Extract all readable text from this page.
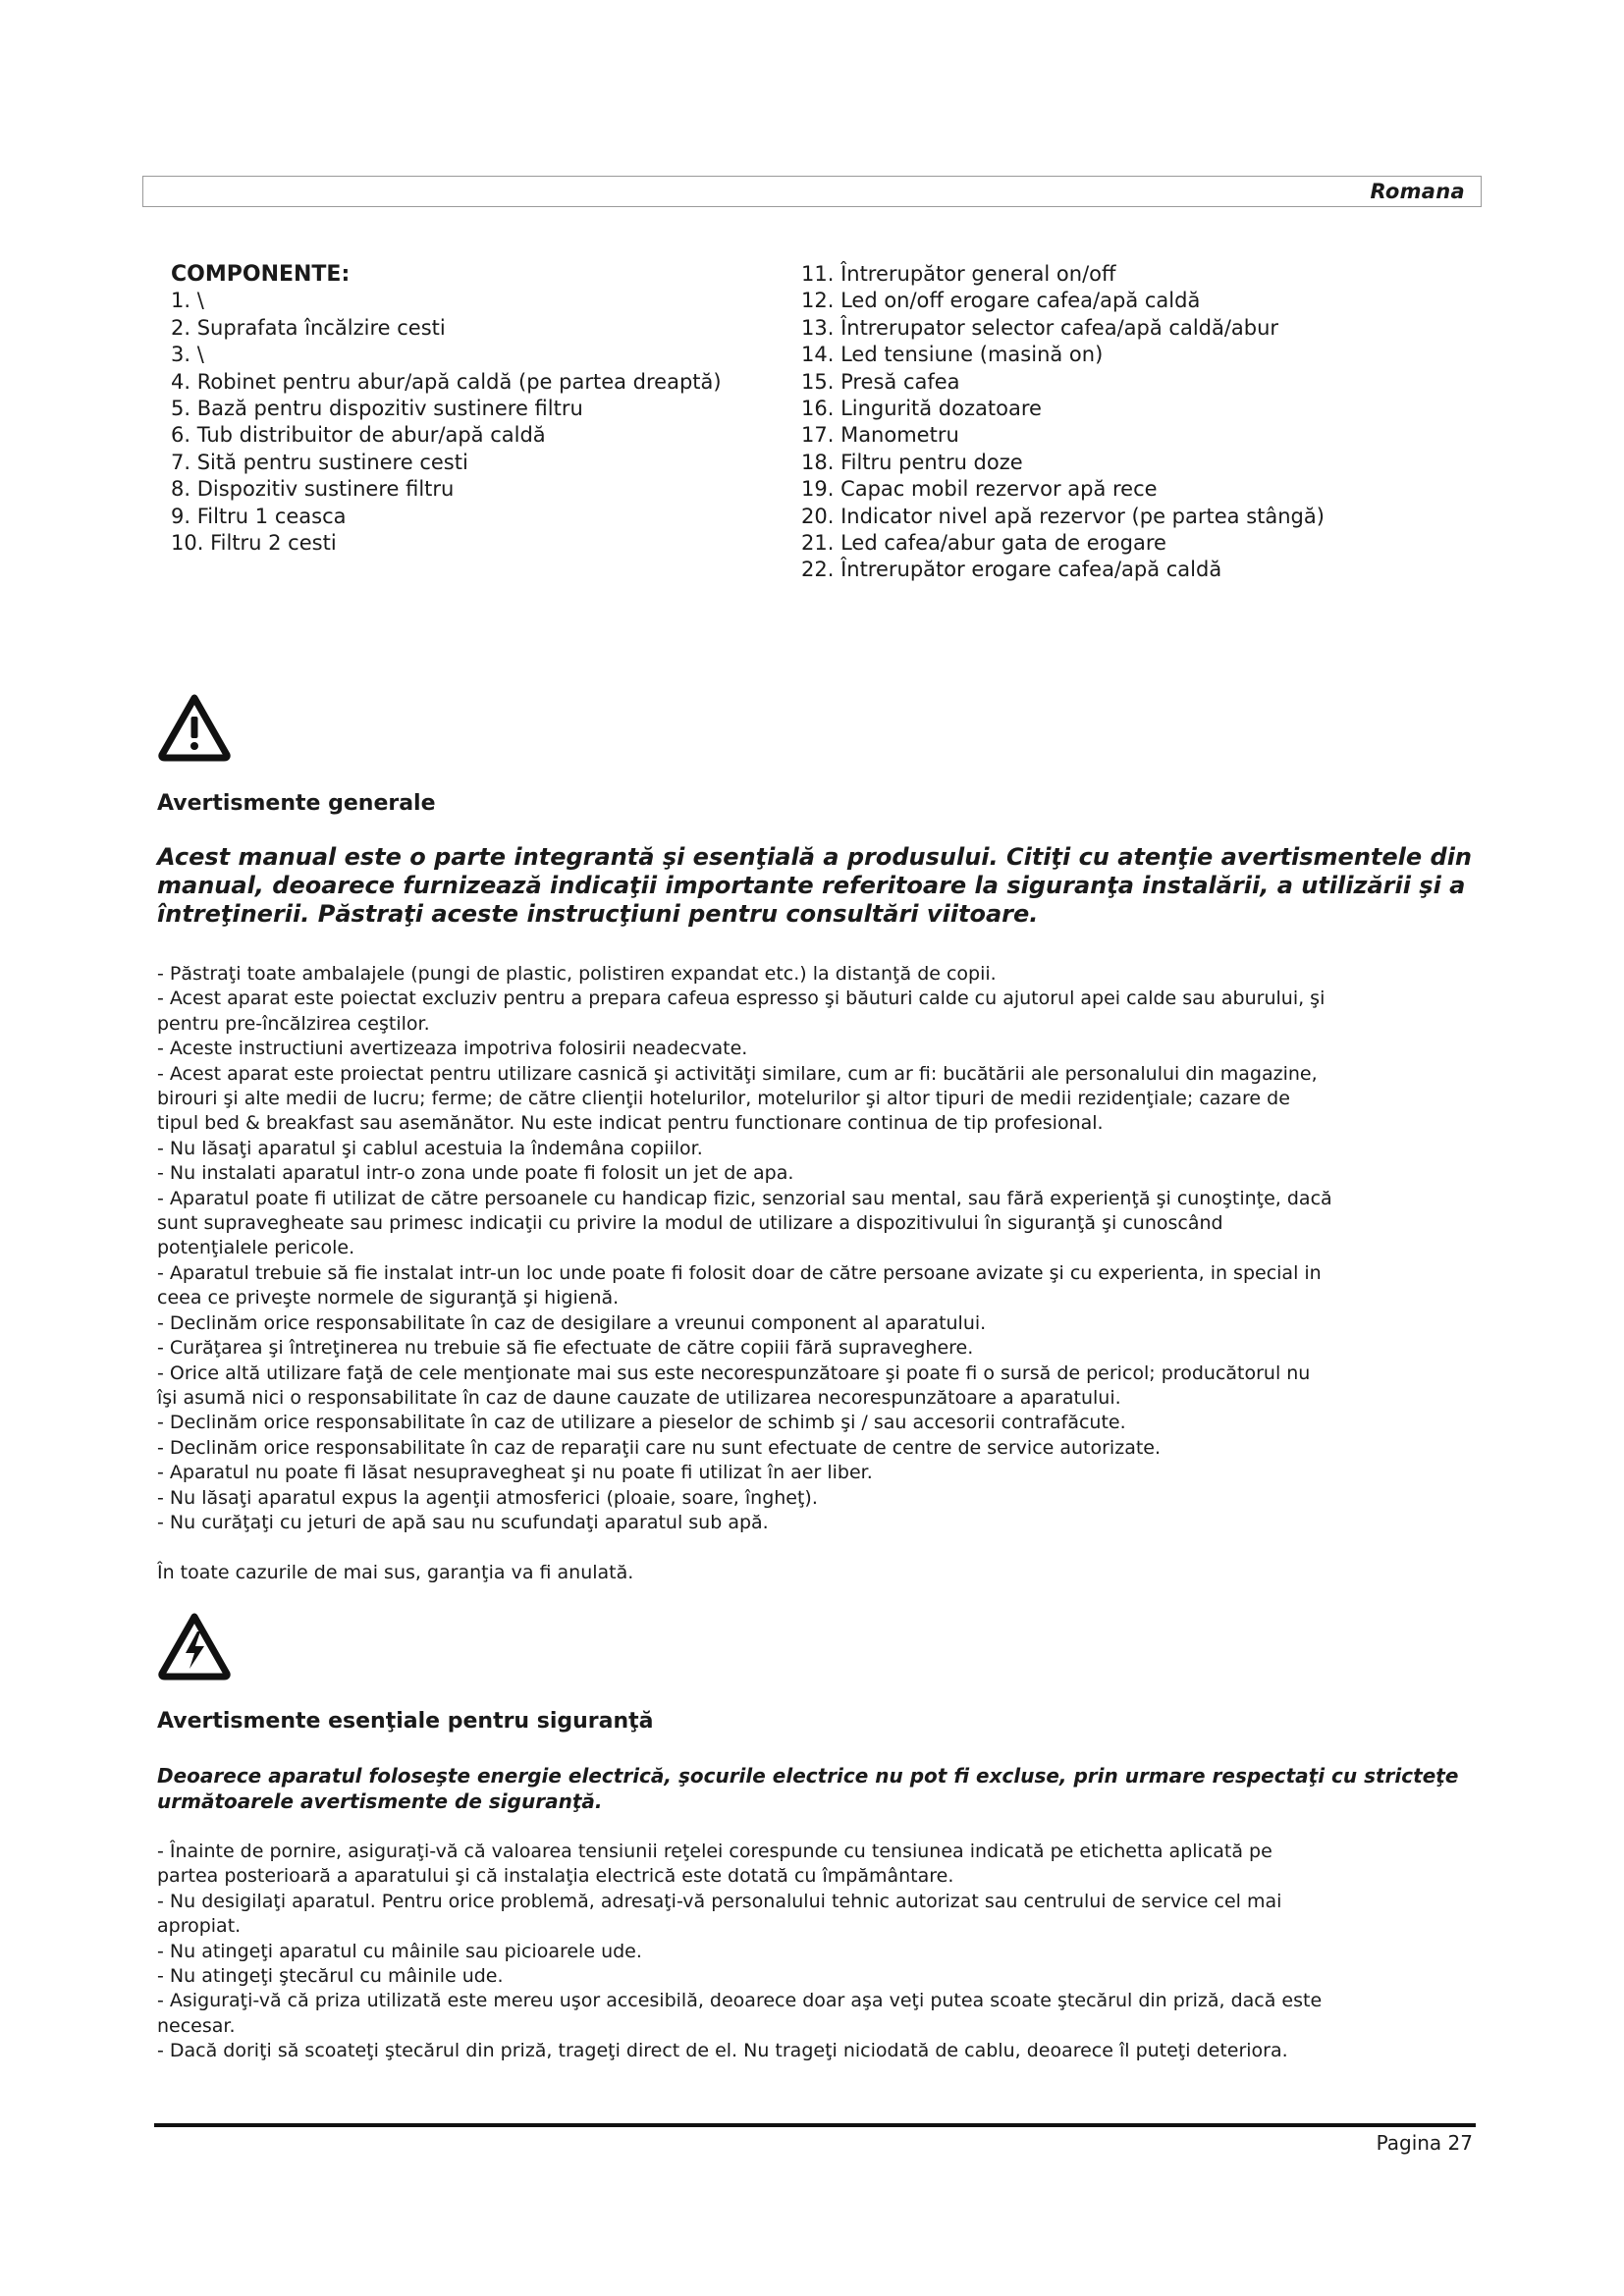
Romana
COMPONENTE:
1. \
2. Suprafata încălzire cesti
3. \
4. Robinet pentru abur/apă caldă (pe partea dreaptă)
5. Bază pentru dispozitiv sustinere filtru
6. Tub distribuitor de abur/apă caldă
7. Sită pentru sustinere cesti
8. Dispozitiv sustinere filtru
9. Filtru 1 ceasca
10. Filtru 2 cesti
11. Întrerupător general on/off
12. Led on/off erogare cafea/apă caldă
13. Întrerupator selector cafea/apă caldă/abur
14. Led tensiune (masină on)
15. Presă cafea
16. Lingurită dozatoare
17. Manometru
18. Filtru pentru doze
19. Capac mobil rezervor apă rece
20. Indicator nivel apă rezervor (pe partea stângă)
21. Led cafea/abur gata de erogare
22. Întrerupător erogare cafea/apă caldă
Avertismente generale

Acest manual este o parte integrantă şi esenţială a produsului. Citiţi cu atenţie avertismentele din manual, deoarece furnizează indicaţii importante referitoare la siguranţa instalării, a utilizării şi a întreţinerii. Păstraţi aceste instrucţiuni pentru consultări viitoare.

- Păstraţi toate ambalajele (pungi de plastic, polistiren expandat etc.) la distanţă de copii.
- Acest aparat este poiectat excluziv pentru a prepara cafeua espresso şi băuturi calde cu ajutorul apei calde sau aburului, şi
pentru pre-încălzirea ceştilor.
- Aceste instructiuni avertizeaza impotriva folosirii neadecvate.
- Acest aparat este proiectat pentru utilizare casnică şi activităţi similare, cum ar fi: bucătării ale personalului din magazine,
birouri şi alte medii de lucru; ferme; de către clienţii hotelurilor, motelurilor şi altor tipuri de medii rezidenţiale; cazare de
tipul bed & breakfast sau asemănător. Nu este indicat pentru functionare continua de tip profesional.
- Nu lăsaţi aparatul şi cablul acestuia la îndemâna copiilor.
- Nu instalati aparatul intr-o zona unde poate fi folosit un jet de apa.
- Aparatul poate fi utilizat de către persoanele cu handicap fizic, senzorial sau mental, sau fără experienţă şi cunoştinţe, dacă
sunt supravegheate sau primesc indicaţii cu privire la modul de utilizare a dispozitivului în siguranţă şi cunoscând
potenţialele pericole.
- Aparatul trebuie să fie instalat intr-un loc unde poate fi folosit doar de către persoane avizate şi cu experienta, in special in
ceea ce priveşte normele de siguranţă şi higienă.
- Declinăm orice responsabilitate în caz de desigilare a vreunui component al aparatului.
- Curăţarea şi întreţinerea nu trebuie să fie efectuate de către copiii fără supraveghere.
- Orice altă utilizare faţă de cele menţionate mai sus este necorespunzătoare şi poate fi o sursă de pericol; producătorul nu
îşi asumă nici o responsabilitate în caz de daune cauzate de utilizarea necorespunzătoare a aparatului.
- Declinăm orice responsabilitate în caz de utilizare a pieselor de schimb şi / sau accesorii contrafăcute.
- Declinăm orice responsabilitate în caz de reparaţii care nu sunt efectuate de centre de service autorizate.
- Aparatul nu poate fi lăsat nesupravegheat şi nu poate fi utilizat în aer liber.
- Nu lăsaţi aparatul expus la agenţii atmosferici (ploaie, soare, îngheţ).
- Nu curăţaţi cu jeturi de apă sau nu scufundaţi aparatul sub apă.

În toate cazurile de mai sus, garanţia va fi anulată.

Avertismente esenţiale pentru siguranţă

Deoarece aparatul foloseşte energie electrică, şocurile electrice nu pot fi excluse, prin urmare respectaţi cu stricteţe următoarele avertismente de siguranţă.

- Înainte de pornire, asiguraţi-vă că valoarea tensiunii reţelei corespunde cu tensiunea indicată pe etichetta aplicată pe
partea posterioară a aparatului şi că instalaţia electrică este dotată cu împământare.
- Nu desigilaţi aparatul. Pentru orice problemă, adresaţi-vă personalului tehnic autorizat sau centrului de service cel mai
apropiat.
- Nu atingeţi aparatul cu mâinile sau picioarele ude.
- Nu atingeţi ştecărul cu mâinile ude.
- Asiguraţi-vă că priza utilizată este mereu uşor accesibilă, deoarece doar aşa veţi putea scoate ştecărul din priză, dacă este
necesar.
- Dacă doriţi să scoateţi ştecărul din priză, trageţi direct de el. Nu trageţi niciodată de cablu, deoarece îl puteţi deteriora.
Pagina 27
